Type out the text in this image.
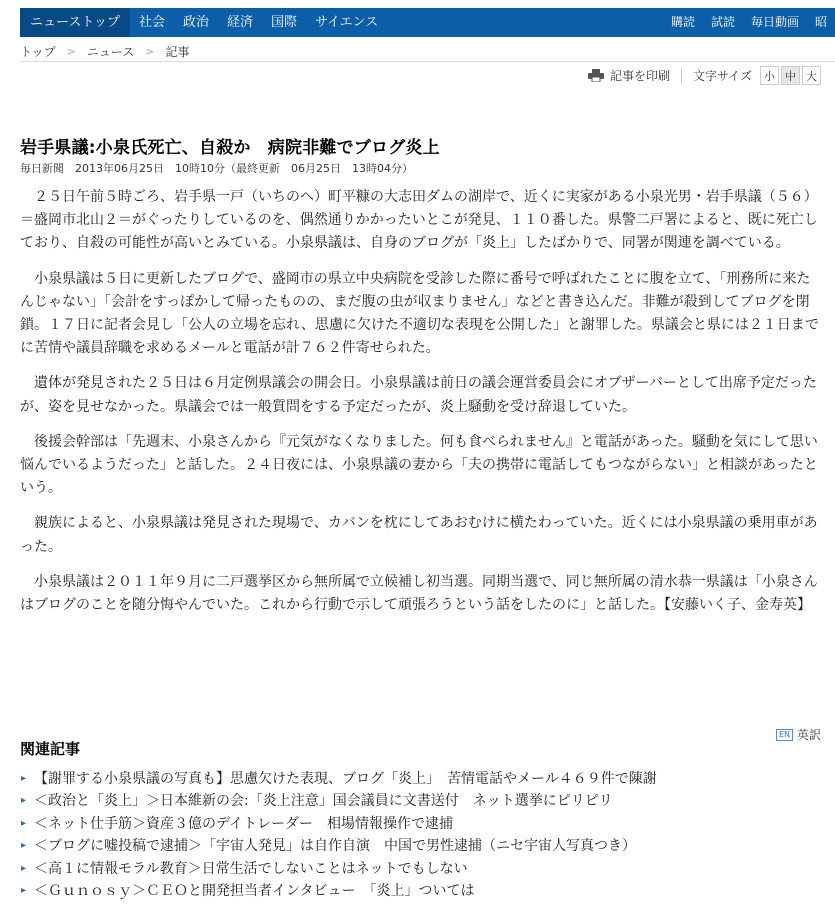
ニューストップ	社会	政治	経済	国際	サイエンス	購読	試読	毎日動画	昭
トップ > ニュース > 記事
記事を印刷 文字サイズ	小 中 大
岩手県議:小泉氏死亡、自殺か　病院非難でブログ炎上
毎日新聞　2013年06月25日　10時10分（最終更新　06月25日　13時04分）

２５日午前５時ごろ、岩手県一戸（いちのへ）町平糠の大志田ダムの湖岸で、近くに実家がある小泉光男・岩手県議（５６）＝盛岡市北山２＝がぐったりしているのを、偶然通りかかったいとこが発見、１１０番した。県警二戸署によると、既に死亡しており、自殺の可能性が高いとみている。小泉県議は、自身のブログが「炎上」したばかりで、同署が関連を調べている。

小泉県議は５日に更新したブログで、盛岡市の県立中央病院を受診した際に番号で呼ばれたことに腹を立て、「刑務所に来たんじゃない」「会計をすっぽかして帰ったものの、まだ腹の虫が収まりません」などと書き込んだ。非難が殺到してブログを閉鎖。１７日に記者会見し「公人の立場を忘れ、思慮に欠けた不適切な表現を公開した」と謝罪した。県議会と県には２１日までに苦情や議員辞職を求めるメールと電話が計７６２件寄せられた。

遺体が発見された２５日は６月定例県議会の開会日。小泉県議は前日の議会運営委員会にオブザーバーとして出席予定だったが、姿を見せなかった。県議会では一般質問をする予定だったが、炎上騒動を受け辞退していた。

後援会幹部は「先週末、小泉さんから『元気がなくなりました。何も食べられません』と電話があった。騒動を気にして思い悩んでいるようだった」と話した。２４日夜には、小泉県議の妻から「夫の携帯に電話してもつながらない」と相談があったという。

親族によると、小泉県議は発見された現場で、カバンを枕にしてあおむけに横たわっていた。近くには小泉県議の乗用車があった。

小泉県議は２０１１年９月に二戸選挙区から無所属で立候補し初当選。同期当選で、同じ無所属の清水恭一県議は「小泉さんはブログのことを随分悔やんでいた。これから行動で示して頑張ろうという話をしたのに」と話した。【安藤いく子、金寿英】

EN 英訳
関連記事
▸ 【謝罪する小泉県議の写真も】思慮欠けた表現、ブログ「炎上」　苦情電話やメール４６９件で陳謝
▸ ＜政治と「炎上」＞日本維新の会:「炎上注意」国会議員に文書送付　ネット選挙にピリピリ
▸ ＜ネット仕手筋＞資産３億のデイトレーダー　相場情報操作で逮捕
▸ ＜ブログに嘘投稿で逮捕＞「宇宙人発見」は自作自演　中国で男性逮捕（ニセ宇宙人写真つき）
▸ ＜高１に情報モラル教育＞日常生活でしないことはネットでもしない
▸ ＜Ｇｕｎｏｓｙ＞ＣＥＯと開発担当者インタビュー　「炎上」ついては
